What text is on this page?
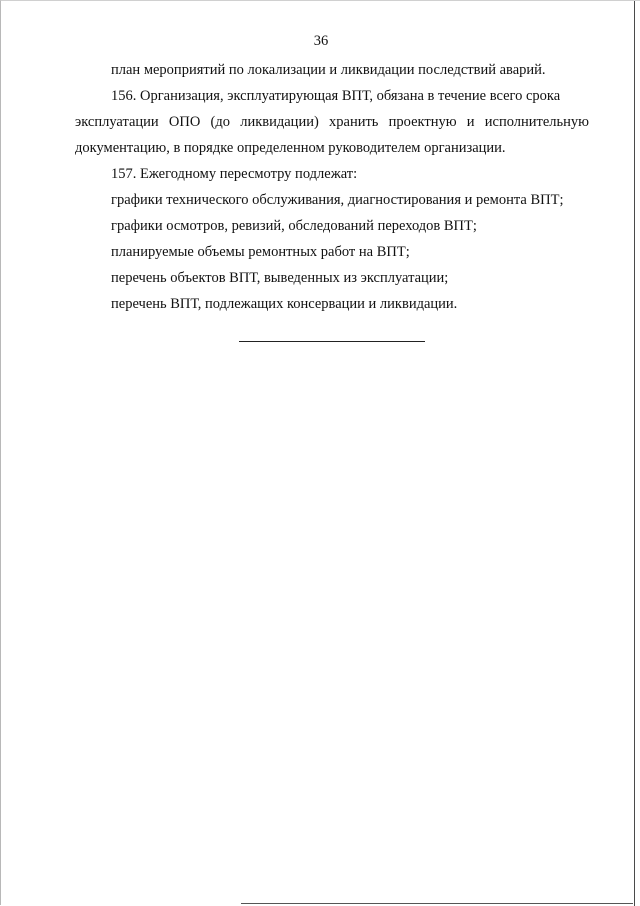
36
план мероприятий по локализации и ликвидации последствий аварий.
156. Организация, эксплуатирующая ВПТ, обязана в течение всего срока
эксплуатации ОПО (до ликвидации) хранить проектную и исполнительную
документацию, в порядке определенном руководителем организации.
157. Ежегодному пересмотру подлежат:
графики технического обслуживания, диагностирования и ремонта ВПТ;
графики осмотров, ревизий, обследований переходов ВПТ;
планируемые объемы ремонтных работ на ВПТ;
перечень объектов ВПТ, выведенных из эксплуатации;
перечень ВПТ, подлежащих консервации и ликвидации.
